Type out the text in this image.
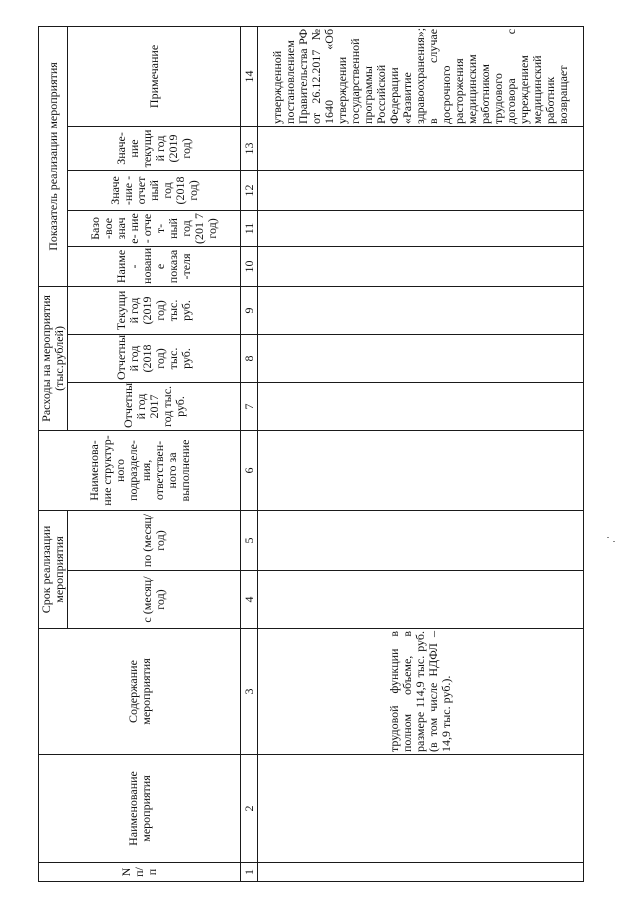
N п/п	Наименование мероприятия	Содержание мероприятия	Срок реализации мероприятия		Наименова- ние структур- ного подразделе- ния, ответствен- ного за выполнение	Расходы на мероприятия (тыс.рублей)			Показатель реализации мероприятия				
			с (месяц/ год)	по (месяц/ год)		Отчетны й год 2017 год тыс. руб.	Отчетны й год (2018 год) тыс. руб.	Текущи й год (2019 год) тыс. руб.	Наиме - новани е показа -теля	Базо -вое знач е- ние - отче т- ный год (201 7 год)	Значе -ние - отчет ный год (2018 год)	Значе- ние текущи й год (2019 год)	Примечание
1	2	3	4	5	6	7	8	9	10	11	12	13	14
		трудовой функции в полном объеме, в размере 114,9 тыс. руб. (в том числе НДФЛ – 14,9 тыс. руб.).											утвержденной постановлением Правительства РФ от 26.12.2017 № 1640 «Об утверждении государственной программы Российской Федерации «Развитие здравоохранения»; в случае досрочного расторжения медицинским работником трудового договора с учреждением медицинский работник возвращает
